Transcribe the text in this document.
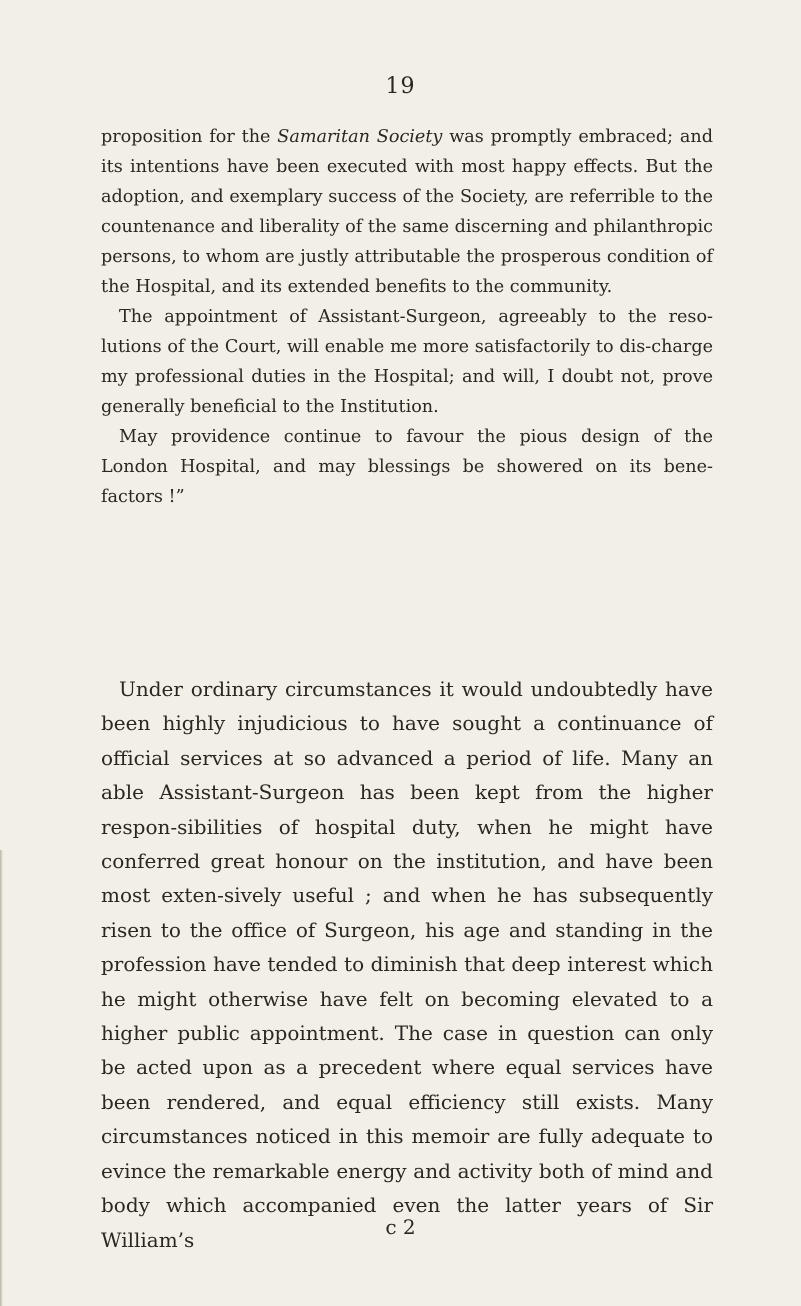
19

proposition for the Samaritan Society was promptly embraced; and its intentions have been executed with most happy effects. But the adoption, and exemplary success of the Society, are referrible to the countenance and liberality of the same discerning and philanthropic persons, to whom are justly attributable the prosperous condition of the Hospital, and its extended benefits to the community.

The appointment of Assistant-Surgeon, agreeably to the reso-lutions of the Court, will enable me more satisfactorily to dis-charge my professional duties in the Hospital; and will, I doubt not, prove generally beneficial to the Institution.

May providence continue to favour the pious design of the London Hospital, and may blessings be showered on its bene-factors !”

Under ordinary circumstances it would undoubtedly have been highly injudicious to have sought a continuance of official services at so advanced a period of life. Many an able Assistant-Surgeon has been kept from the higher respon-sibilities of hospital duty, when he might have conferred great honour on the institution, and have been most exten-sively useful ; and when he has subsequently risen to the office of Surgeon, his age and standing in the profession have tended to diminish that deep interest which he might otherwise have felt on becoming elevated to a higher public appointment. The case in question can only be acted upon as a precedent where equal services have been rendered, and equal efficiency still exists. Many circumstances noticed in this memoir are fully adequate to evince the remarkable energy and activity both of mind and body which accompanied even the latter years of Sir William’s

c 2
